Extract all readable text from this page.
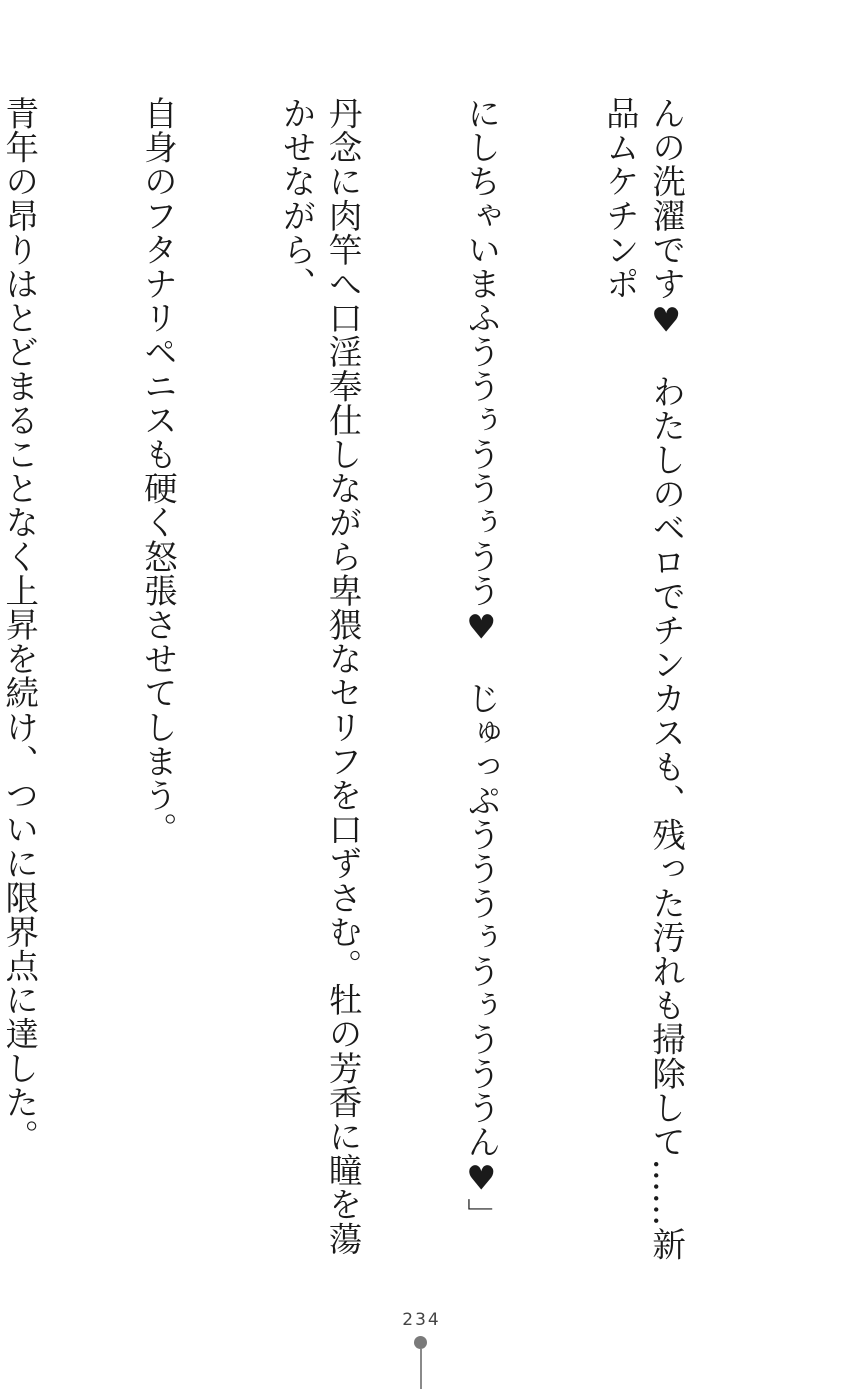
んの洗濯です♥　わたしのベロでチンカスも、残った汚れも掃除して……新品ムケチンポ

にしちゃいまふううぅううぅうう♥　じゅっぷうううぅうぅうううん♥」

丹念に肉竿へ口淫奉仕しながら卑猥なセリフを口ずさむ。牡の芳香に瞳を蕩かせながら、

自身のフタナリペニスも硬く怒張させてしまう。

青年の昂りはとどまることなく上昇を続け、ついに限界点に達した。

234
